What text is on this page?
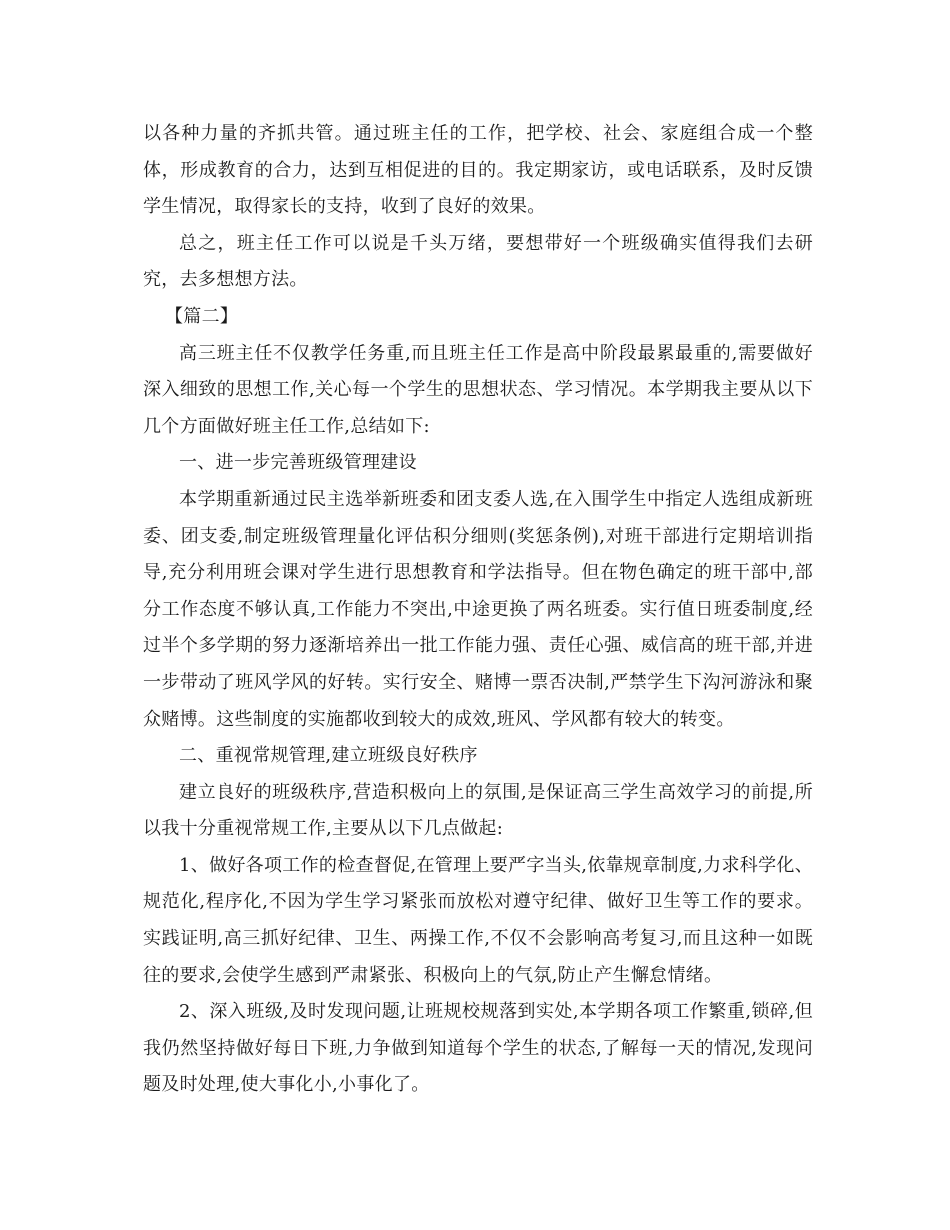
以各种力量的齐抓共管。通过班主任的工作，把学校、社会、家庭组合成一个整体，形成教育的合力，达到互相促进的目的。我定期家访，或电话联系，及时反馈学生情况，取得家长的支持，收到了良好的效果。

总之，班主任工作可以说是千头万绪，要想带好一个班级确实值得我们去研究，去多想想方法。

【篇二】

高三班主任不仅教学任务重,而且班主任工作是高中阶段最累最重的,需要做好深入细致的思想工作,关心每一个学生的思想状态、学习情况。本学期我主要从以下几个方面做好班主任工作,总结如下:

一、进一步完善班级管理建设

本学期重新通过民主选举新班委和团支委人选,在入围学生中指定人选组成新班委、团支委,制定班级管理量化评估积分细则(奖惩条例),对班干部进行定期培训指导,充分利用班会课对学生进行思想教育和学法指导。但在物色确定的班干部中,部分工作态度不够认真,工作能力不突出,中途更换了两名班委。实行值日班委制度,经过半个多学期的努力逐渐培养出一批工作能力强、责任心强、威信高的班干部,并进一步带动了班风学风的好转。实行安全、赌博一票否决制,严禁学生下沟河游泳和聚众赌博。这些制度的实施都收到较大的成效,班风、学风都有较大的转变。

二、重视常规管理,建立班级良好秩序

建立良好的班级秩序,营造积极向上的氛围,是保证高三学生高效学习的前提,所以我十分重视常规工作,主要从以下几点做起:

1、做好各项工作的检查督促,在管理上要严字当头,依靠规章制度,力求科学化、规范化,程序化,不因为学生学习紧张而放松对遵守纪律、做好卫生等工作的要求。实践证明,高三抓好纪律、卫生、两操工作,不仅不会影响高考复习,而且这种一如既往的要求,会使学生感到严肃紧张、积极向上的气氛,防止产生懈怠情绪。

2、深入班级,及时发现问题,让班规校规落到实处,本学期各项工作繁重,锁碎,但我仍然坚持做好每日下班,力争做到知道每个学生的状态,了解每一天的情况,发现问题及时处理,使大事化小,小事化了。
